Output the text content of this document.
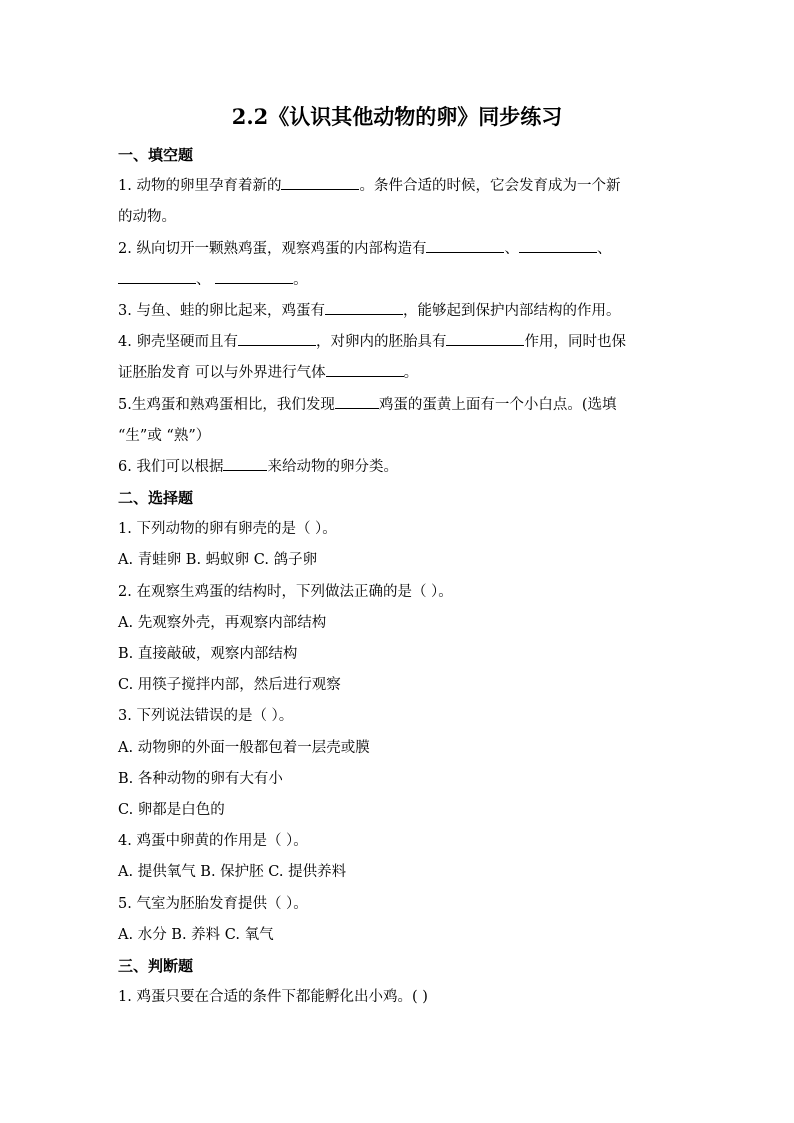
2.2《认识其他动物的卵》同步练习
一、填空题
1. 动物的卵里孕育着新的	。条件合适的时候，它会发育成为一个新
的动物。
2. 纵向切开一颗熟鸡蛋，观察鸡蛋的内部构造有	、	、
、	。
3. 与鱼、蛙的卵比起来，鸡蛋有	，能够起到保护内部结构的作用。
4. 卵壳坚硬而且有	，对卵内的胚胎具有	作用，同时也保
证胚胎发育 可以与外界进行气体	。
5.生鸡蛋和熟鸡蛋相比，我们发现	鸡蛋的蛋黄上面有一个小白点。(选填
“生”或 “熟”）
6. 我们可以根据	来给动物的卵分类。
二、选择题
1. 下列动物的卵有卵壳的是（ ）。
A. 青蛙卵 B. 蚂蚁卵 C. 鸽子卵
2. 在观察生鸡蛋的结构时，下列做法正确的是（ ）。
A. 先观察外壳，再观察内部结构
B. 直接敲破，观察内部结构
C. 用筷子搅拌内部，然后进行观察
3. 下列说法错误的是（ ）。
A. 动物卵的外面一般都包着一层壳或膜
B. 各种动物的卵有大有小
C. 卵都是白色的
4. 鸡蛋中卵黄的作用是（ ）。
A. 提供氧气 B. 保护胚 C. 提供养料
5. 气室为胚胎发育提供（ ）。
A. 水分 B. 养料 C. 氧气
三、判断题
1. 鸡蛋只要在合适的条件下都能孵化出小鸡。( )
